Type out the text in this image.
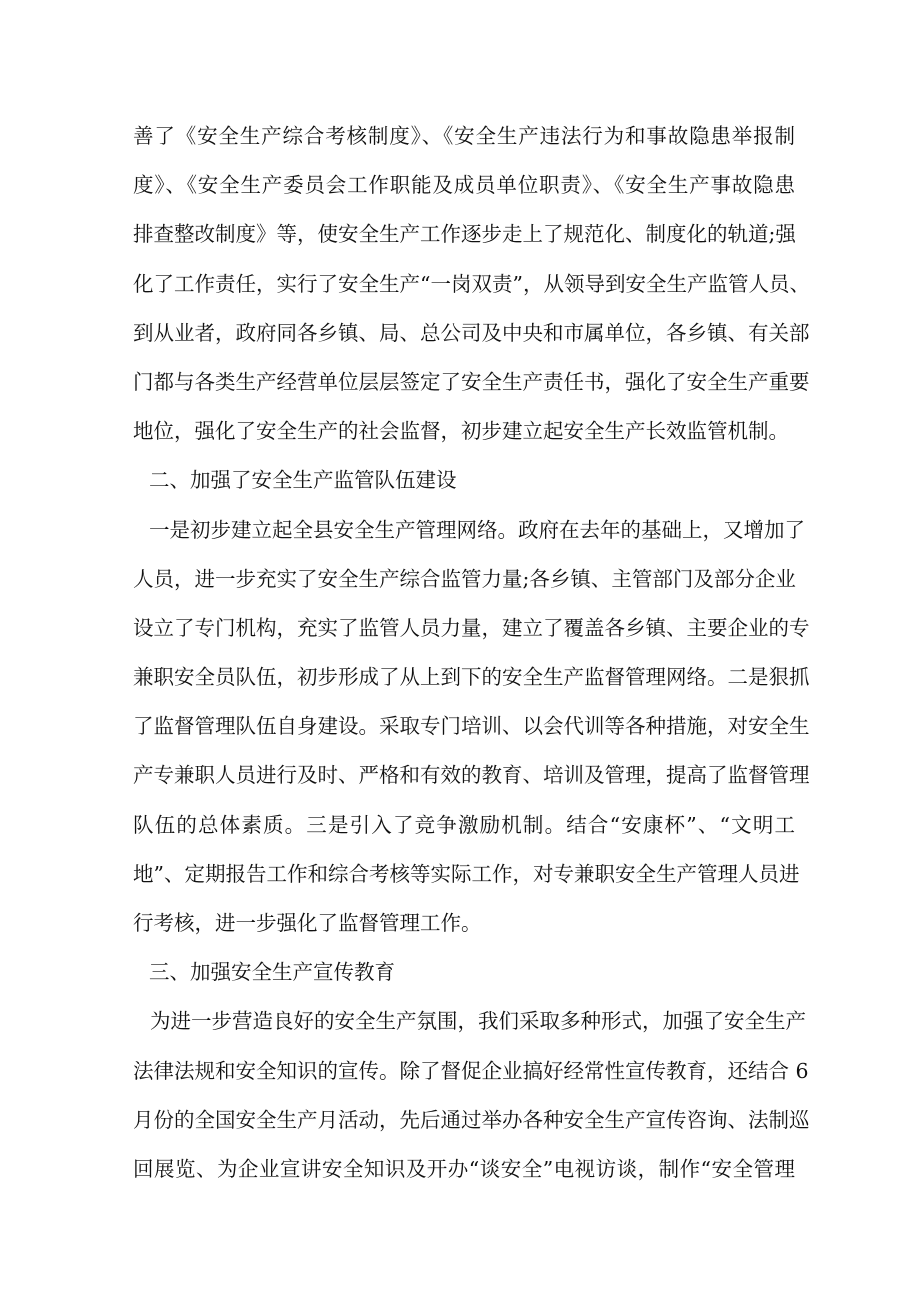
善了《安全生产综合考核制度》、《安全生产违法行为和事故隐患举报制
度》、《安全生产委员会工作职能及成员单位职责》、《安全生产事故隐患
排查整改制度》等，使安全生产工作逐步走上了规范化、制度化的轨道;强
化了工作责任，实行了安全生产“一岗双责”，从领导到安全生产监管人员、
到从业者，政府同各乡镇、局、总公司及中央和市属单位，各乡镇、有关部
门都与各类生产经营单位层层签定了安全生产责任书，强化了安全生产重要
地位，强化了安全生产的社会监督，初步建立起安全生产长效监管机制。
二、加强了安全生产监管队伍建设
一是初步建立起全县安全生产管理网络。政府在去年的基础上，又增加了
人员，进一步充实了安全生产综合监管力量;各乡镇、主管部门及部分企业
设立了专门机构，充实了监管人员力量，建立了覆盖各乡镇、主要企业的专
兼职安全员队伍，初步形成了从上到下的安全生产监督管理网络。二是狠抓
了监督管理队伍自身建设。采取专门培训、以会代训等各种措施，对安全生
产专兼职人员进行及时、严格和有效的教育、培训及管理，提高了监督管理
队伍的总体素质。三是引入了竞争激励机制。结合“安康杯”、“文明工
地”、定期报告工作和综合考核等实际工作，对专兼职安全生产管理人员进
行考核，进一步强化了监督管理工作。
三、加强安全生产宣传教育
为进一步营造良好的安全生产氛围，我们采取多种形式，加强了安全生产
法律法规和安全知识的宣传。除了督促企业搞好经常性宣传教育，还结合 6
月份的全国安全生产月活动，先后通过举办各种安全生产宣传咨询、法制巡
回展览、为企业宣讲安全知识及开办“谈安全”电视访谈，制作“安全管理
